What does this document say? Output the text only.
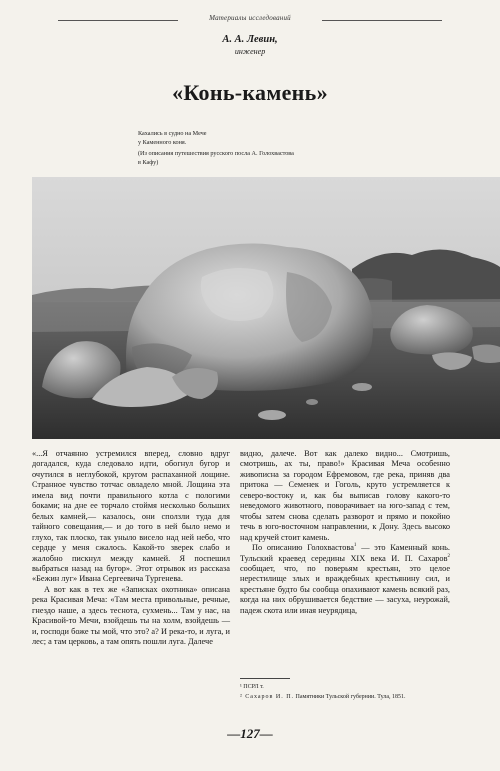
Материалы исследований
А. А. Левин,
инженер
«Конь-камень»
Кахались в судно на Мече
у Каменного коня.
(Из описания путешествия русского посла А. Голохвастова
в Кафу)

«...Я отчаянно устремился вперед, словно вдруг догадался, куда следовало идти, обогнул бугор и очутился в неглубокой, кругом распаханной лощине. Странное чувство тотчас овладело мной. Лощина эта имела вид почти правильного котла с пологими боками; на дне ее торчало стоймя несколько больших белых камней,— казалось, они сползли туда для тайного совещания,— и до того в ней было немо и глухо, так плоско, так уныло висело над ней небо, что сердце у меня сжалось. Какой-то зверек слабо и жалобно пискнул между камней. Я поспешил выбраться назад на бугор». Этот отрывок из рассказа «Бежин луг» Ивана Сергеевича Тургенева.

А вот как в тех же «Записках охотника» описана река Красивая Меча: «Там места привольные, речные, гнездо наше, а здесь теснота, сухмень... Там у нас, на Красивой-то Мечи, взойдешь ты на холм, взойдешь — и, господи боже ты мой, что это? а? И река-то, и луга, и лес; а там церковь, а там опять пошли луга. Далече

видно, далече. Вот как далеко видно... Смотришь, смотришь, ах ты, право!» Красивая Меча особенно живописна за городом Ефремовом, где река, приняв два притока — Семенек и Гоголь, круто устремляется к северо-востоку и, как бы выписав голову какого-то неведомого животного, поворачивает на юго-запад с тем, чтобы затем снова сделать разворот и прямо и покойно течь в юго-восточном направлении, к Дону. Здесь высоко над кручей стоит камень.

По описанию Голохвастова$^1$ — это Каменный конь. Тульский краевед середины XIX века И. П. Сахаров$^2$ сообщает, что, по поверьям крестьян, это целое нерестилище злых и враждебных крестьянину сил, и крестьяне будто бы сообща опахивают камень всякий раз, когда на них обрушивается бедствие — засуха, неурожай, падеж скота или иная неурядица,

¹ ПСРЛ т.

² Сахаров И. П. Памятники Тульской губернии. Тула, 1851.

—127—
